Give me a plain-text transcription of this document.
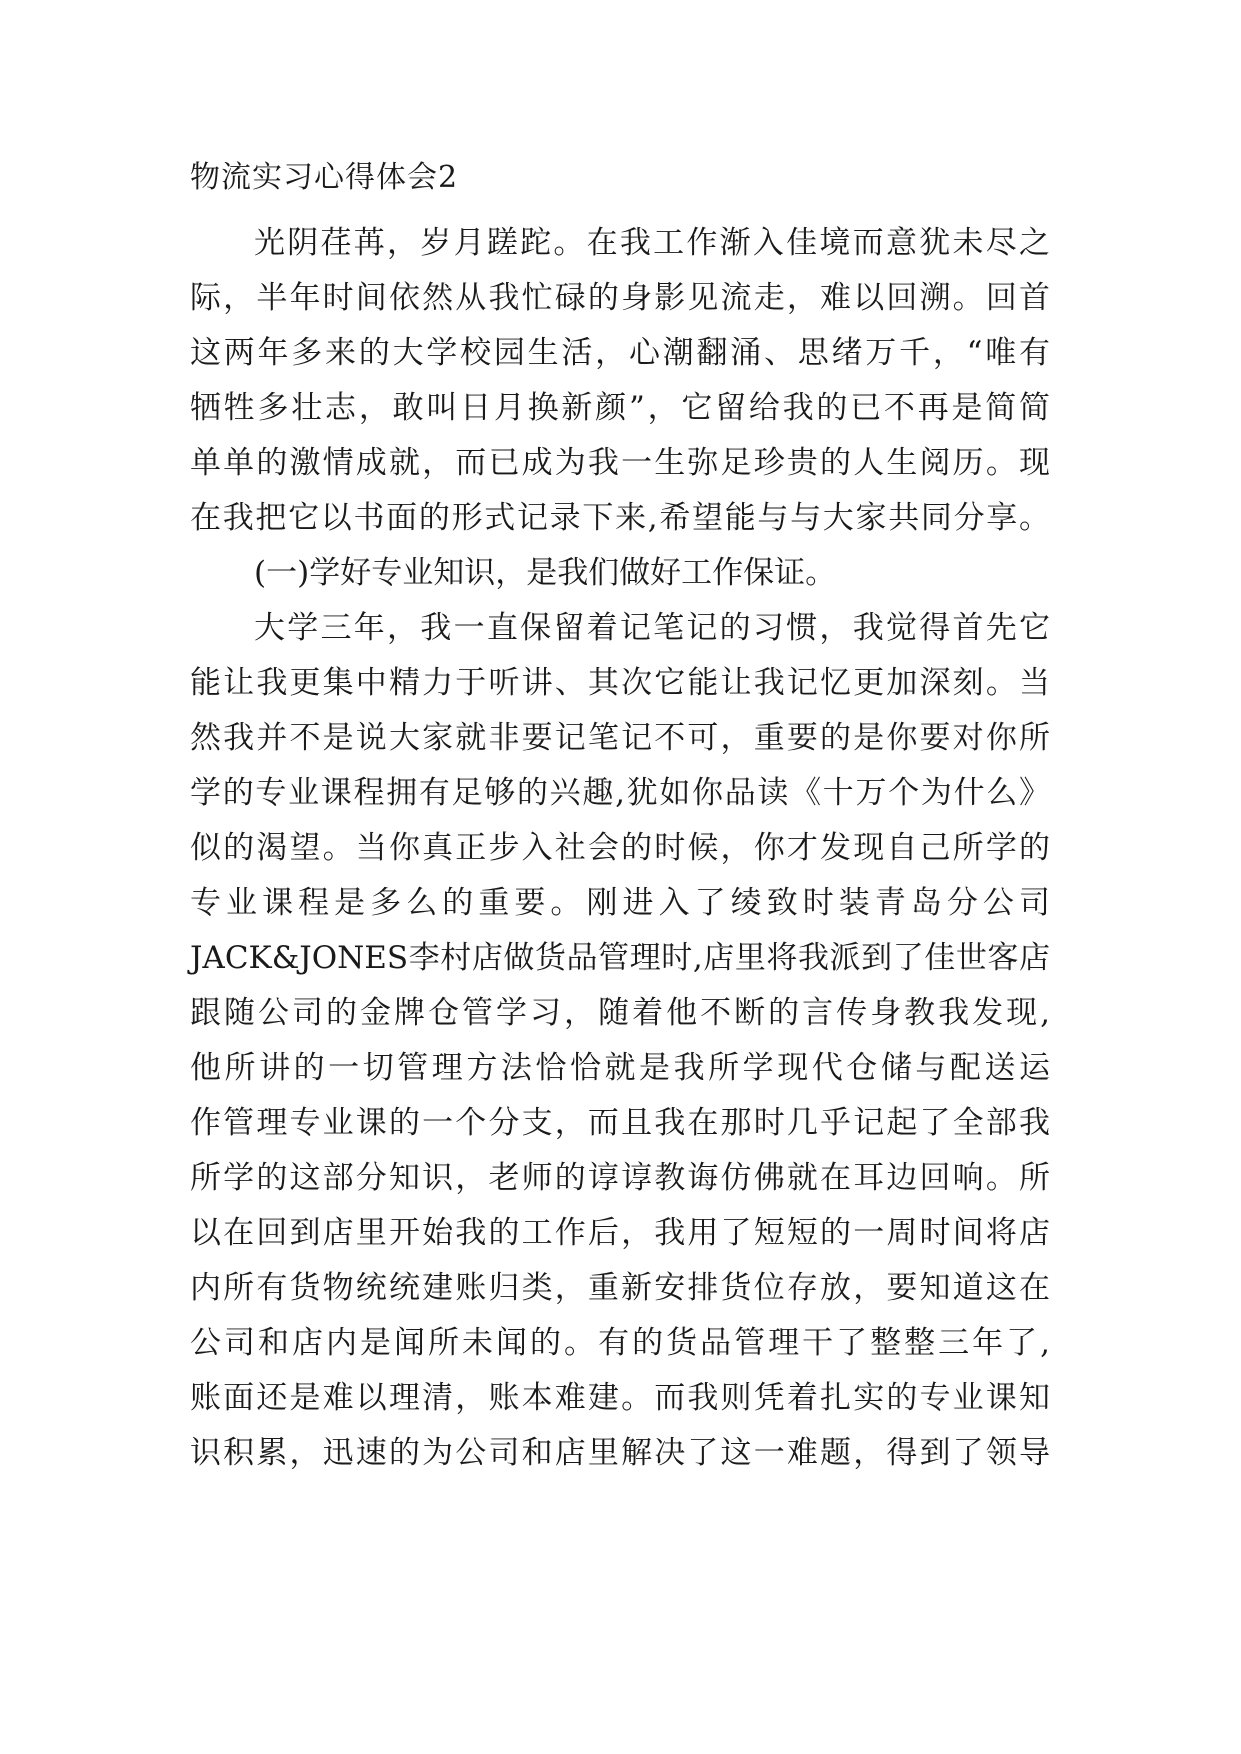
物流实习心得体会2
光阴荏苒，岁月蹉跎。在我工作渐入佳境而意犹未尽之
际，半年时间依然从我忙碌的身影见流走，难以回溯。回首
这两年多来的大学校园生活，心潮翻涌、思绪万千，“唯有
牺牲多壮志，敢叫日月换新颜”，它留给我的已不再是简简
单单的激情成就，而已成为我一生弥足珍贵的人生阅历。现
在我把它以书面的形式记录下来,希望能与与大家共同分享。
(一)学好专业知识，是我们做好工作保证。
大学三年，我一直保留着记笔记的习惯，我觉得首先它
能让我更集中精力于听讲、其次它能让我记忆更加深刻。当
然我并不是说大家就非要记笔记不可，重要的是你要对你所
学的专业课程拥有足够的兴趣,犹如你品读《十万个为什么》
似的渴望。当你真正步入社会的时候，你才发现自己所学的
专业课程是多么的重要。刚进入了绫致时装青岛分公司
JACK&JONES李村店做货品管理时,店里将我派到了佳世客店
跟随公司的金牌仓管学习，随着他不断的言传身教我发现,
他所讲的一切管理方法恰恰就是我所学现代仓储与配送运
作管理专业课的一个分支，而且我在那时几乎记起了全部我
所学的这部分知识，老师的谆谆教诲仿佛就在耳边回响。所
以在回到店里开始我的工作后，我用了短短的一周时间将店
内所有货物统统建账归类，重新安排货位存放，要知道这在
公司和店内是闻所未闻的。有的货品管理干了整整三年了,
账面还是难以理清，账本难建。而我则凭着扎实的专业课知
识积累，迅速的为公司和店里解决了这一难题，得到了领导
